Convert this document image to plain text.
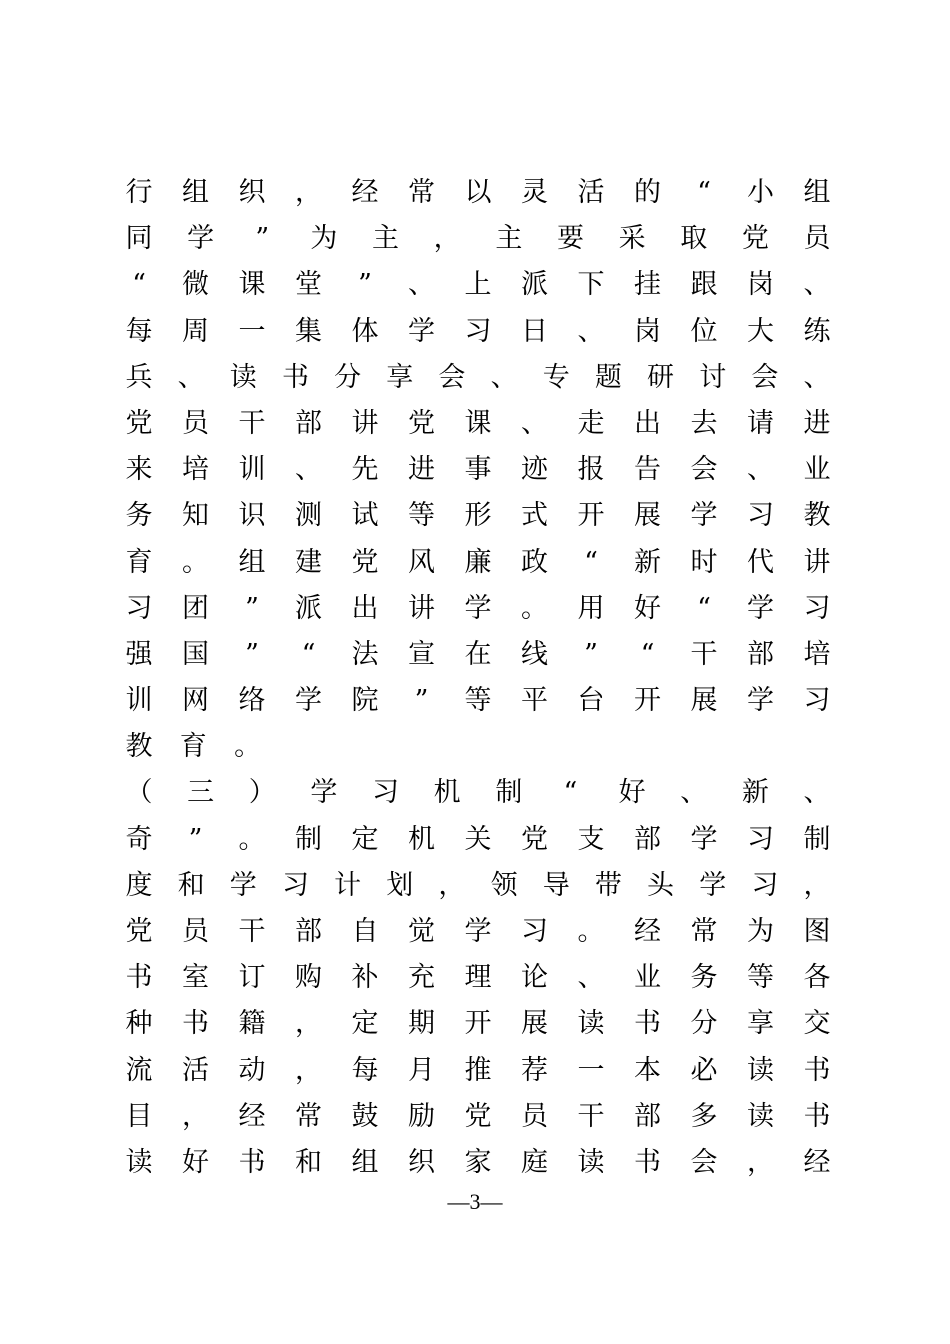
行 组 织 ， 经 常 以 灵 活 的	“	小 组
同 学	”	为 主 ， 主 要 采 取 党 员
“	微 课 堂	”	、 上 派 下 挂 跟 岗 、
每 周 一 集 体 学 习 日 、 岗 位 大 练
兵 、 读 书 分 享 会 、 专 题 研 讨 会 、
党 员 干 部 讲 党 课 、 走 出 去 请 进
来 培 训 、 先 进 事 迹 报 告 会 、 业
务 知 识 测 试 等 形 式 开 展 学 习 教
育 。 组 建 党 风 廉 政	“	新 时 代 讲
习 团	”	派 出 讲 学 。 用 好	“	学 习
强 国	”	“	法 宣 在 线	”	“	干 部 培
训 网 络 学 院	”	等 平 台 开 展 学 习
教 育 。
（ 三 ） 学 习 机 制	“	好 、 新 、
奇	”	。 制 定 机 关 党 支 部 学 习 制
度 和 学 习 计 划 ， 领 导 带 头 学 习 ，
党 员 干 部 自 觉 学 习 。 经 常 为 图
书 室 订 购 补 充 理 论 、 业 务 等 各
种 书 籍 ， 定 期 开 展 读 书 分 享 交
流 活 动 ， 每 月 推 荐 一 本 必 读 书
目 ， 经 常 鼓 励 党 员 干 部 多 读 书
读 好 书 和 组 织 家 庭 读 书 会 ， 经
—3—
